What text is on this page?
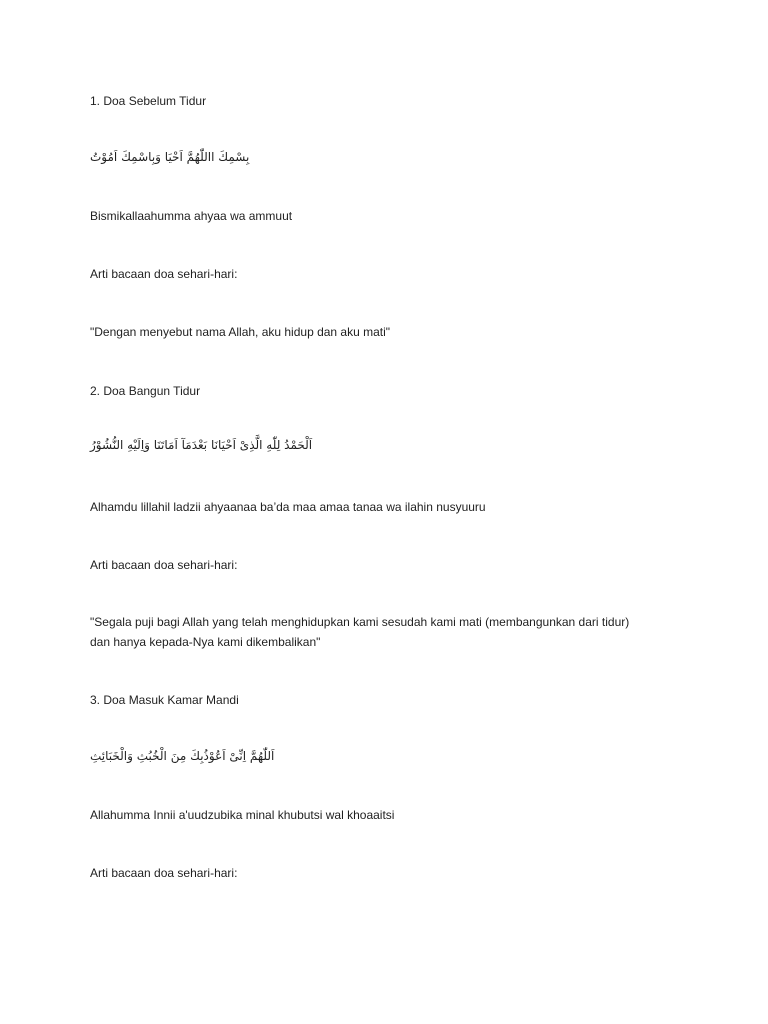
1. Doa Sebelum Tidur
بِسْمِكَ االلّٰهُمَّ اَحْيَا وَبِاسْمِكَ اَمُوْتُ
Bismikallaahumma ahyaa wa ammuut
Arti bacaan doa sehari-hari:
"Dengan menyebut nama Allah, aku hidup dan aku mati"
2. Doa Bangun Tidur
اَلْحَمْدُ لِلّٰهِ الَّذِىْ اَحْيَانَا بَعْدَمَآ اَمَاتَنَا وَاِلَيْهِ النُّشُوْرُ
Alhamdu lillahil ladzii ahyaanaa ba’da maa amaa tanaa wa ilahin nusyuuru
Arti bacaan doa sehari-hari:
"Segala puji bagi Allah yang telah menghidupkan kami sesudah kami mati (membangunkan dari tidur)
dan hanya kepada-Nya kami dikembalikan"
3. Doa Masuk Kamar Mandi
اَللّٰهُمَّ اِنِّىْ اَعُوْذُبِكَ مِنَ الْخُبُثِ وَالْخَبَائِثِ
Allahumma Innii a'uudzubika minal khubutsi wal khoaaitsi
Arti bacaan doa sehari-hari:
